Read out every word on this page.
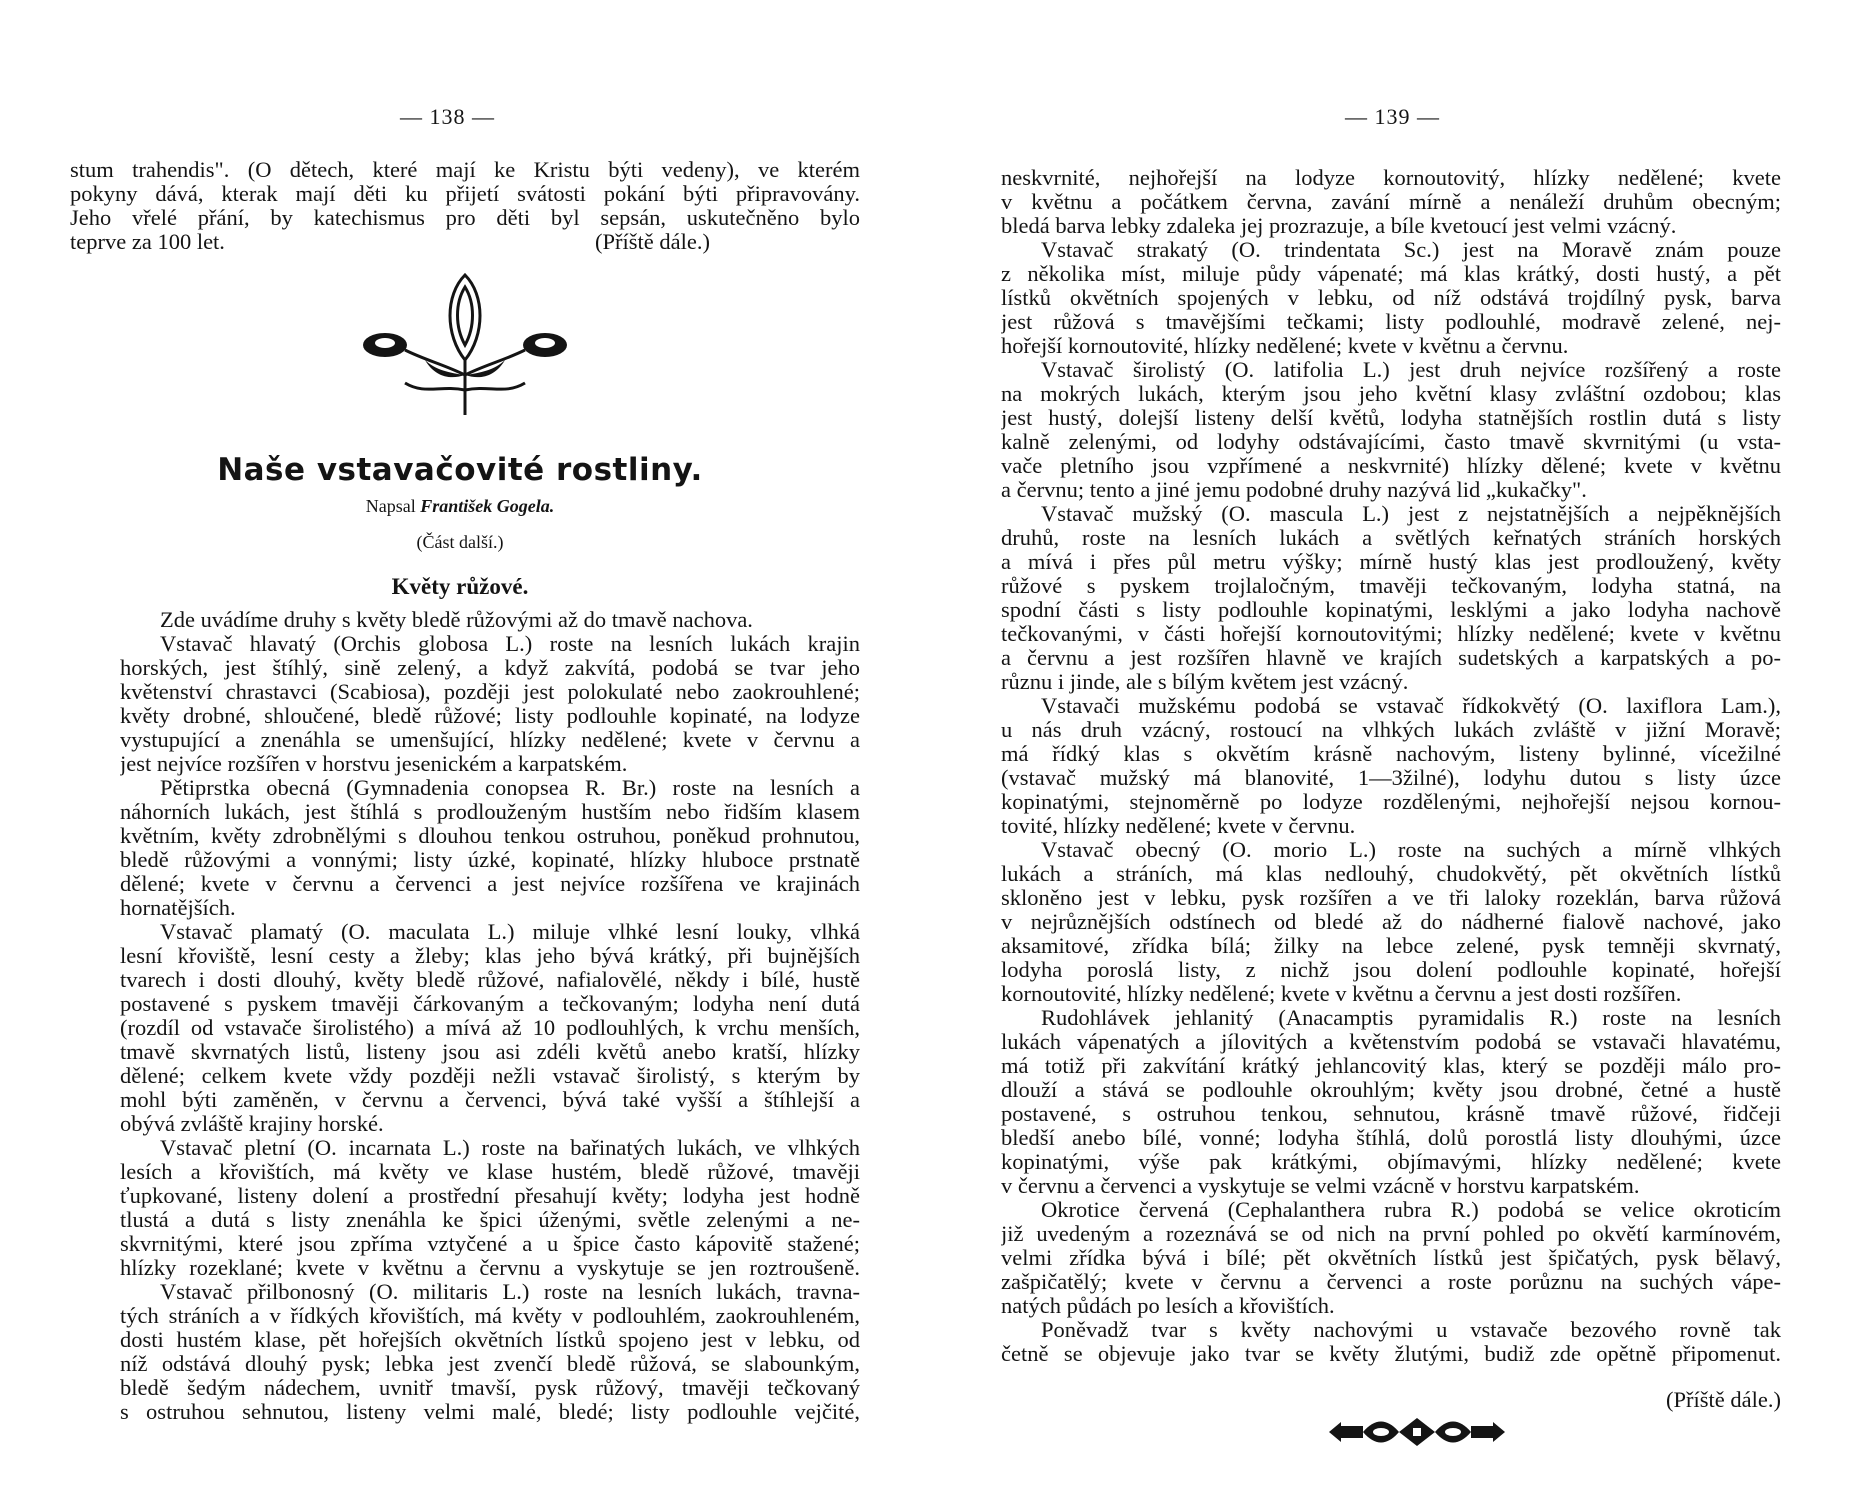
— 138 —
stum trahendis". (O dětech, které mají ke Kristu býti vedeny), ve kterém
pokyny dává, kterak mají děti ku přijetí svátosti pokání býti připravovány.
Jeho vřelé přání, by katechismus pro děti byl sepsán, uskutečněno bylo
teprve za 100 let.	(Příště dále.)
Naše vstavačovité rostliny.
Napsal František Gogela.
(Část další.)
Květy růžové.
Zde uvádíme druhy s květy bledě růžovými až do tmavě nachova.
Vstavač hlavatý (Orchis globosa L.) roste na lesních lukách krajin
horských, jest štíhlý, sině zelený, a když zakvítá, podobá se tvar jeho
květenství chrastavci (Scabiosa), později jest polokulaté nebo zaokrouhlené;
květy drobné, shloučené, bledě růžové; listy podlouhle kopinaté, na lodyze
vystupující a znenáhla se umenšující, hlízky nedělené; kvete v červnu a
jest nejvíce rozšířen v horstvu jesenickém a karpatském.
Pětiprstka obecná (Gymnadenia conopsea R. Br.) roste na lesních a
náhorních lukách, jest štíhlá s prodlouženým hustším nebo řidším klasem
květním, květy zdrobnělými s dlouhou tenkou ostruhou, poněkud prohnutou,
bledě růžovými a vonnými; listy úzké, kopinaté, hlízky hluboce prstnatě
dělené; kvete v červnu a červenci a jest nejvíce rozšířena ve krajinách
hornatějších.
Vstavač plamatý (O. maculata L.) miluje vlhké lesní louky, vlhká
lesní křoviště, lesní cesty a žleby; klas jeho bývá krátký, při bujnějších
tvarech i dosti dlouhý, květy bledě růžové, nafialovělé, někdy i bílé, hustě
postavené s pyskem tmavěji čárkovaným a tečkovaným; lodyha není dutá
(rozdíl od vstavače širolistého) a mívá až 10 podlouhlých, k vrchu menších,
tmavě skvrnatých listů, listeny jsou asi zdéli květů anebo kratší, hlízky
dělené; celkem kvete vždy později nežli vstavač širolistý, s kterým by
mohl býti zaměněn, v červnu a červenci, bývá také vyšší a štíhlejší a
obývá zvláště krajiny horské.
Vstavač pletní (O. incarnata L.) roste na bařinatých lukách, ve vlhkých
lesích a křovištích, má květy ve klase hustém, bledě růžové, tmavěji
ťupkované, listeny dolení a prostřední přesahují květy; lodyha jest hodně
tlustá a dutá s listy znenáhla ke špici úženými, světle zelenými a ne-
skvrnitými, které jsou zpříma vztyčené a u špice často kápovitě stažené;
hlízky rozeklané; kvete v květnu a červnu a vyskytuje se jen roztroušeně.
Vstavač přilbonosný (O. militaris L.) roste na lesních lukách, travna-
tých stráních a v řídkých křovištích, má květy v podlouhlém, zaokrouhleném,
dosti hustém klase, pět hořejších okvětních lístků spojeno jest v lebku, od
níž odstává dlouhý pysk; lebka jest zvenčí bledě růžová, se slabounkým,
bledě šedým nádechem, uvnitř tmavší, pysk růžový, tmavěji tečkovaný
s ostruhou sehnutou, listeny velmi malé, bledé; listy podlouhle vejčité,
— 139 —
neskvrnité, nejhořejší na lodyze kornoutovitý, hlízky nedělené; kvete
v květnu a počátkem června, zavání mírně a nenáleží druhům obecným;
bledá barva lebky zdaleka jej prozrazuje, a bíle kvetoucí jest velmi vzácný.
Vstavač strakatý (O. trindentata Sc.) jest na Moravě znám pouze
z několika míst, miluje půdy vápenaté; má klas krátký, dosti hustý, a pět
lístků okvětních spojených v lebku, od níž odstává trojdílný pysk, barva
jest růžová s tmavějšími tečkami; listy podlouhlé, modravě zelené, nej-
hořejší kornoutovité, hlízky nedělené; kvete v květnu a červnu.
Vstavač širolistý (O. latifolia L.) jest druh nejvíce rozšířený a roste
na mokrých lukách, kterým jsou jeho květní klasy zvláštní ozdobou; klas
jest hustý, dolejší listeny delší květů, lodyha statnějších rostlin dutá s listy
kalně zelenými, od lodyhy odstávajícími, často tmavě skvrnitými (u vsta-
vače pletního jsou vzpřímené a neskvrnité) hlízky dělené; kvete v květnu
a červnu; tento a jiné jemu podobné druhy nazývá lid „kukačky".
Vstavač mužský (O. mascula L.) jest z nejstatnějších a nejpěknějších
druhů, roste na lesních lukách a světlých keřnatých stráních horských
a mívá i přes půl metru výšky; mírně hustý klas jest prodloužený, květy
růžové s pyskem trojlaločným, tmavěji tečkovaným, lodyha statná, na
spodní části s listy podlouhle kopinatými, lesklými a jako lodyha nachově
tečkovanými, v části hořejší kornoutovitými; hlízky nedělené; kvete v květnu
a červnu a jest rozšířen hlavně ve krajích sudetských a karpatských a po-
různu i jinde, ale s bílým květem jest vzácný.
Vstavači mužskému podobá se vstavač řídkokvětý (O. laxiflora Lam.),
u nás druh vzácný, rostoucí na vlhkých lukách zvláště v jižní Moravě;
má řídký klas s okvětím krásně nachovým, listeny bylinné, vícežilné
(vstavač mužský má blanovité, 1—3žilné), lodyhu dutou s listy úzce
kopinatými, stejnoměrně po lodyze rozdělenými, nejhořejší nejsou kornou-
tovité, hlízky nedělené; kvete v červnu.
Vstavač obecný (O. morio L.) roste na suchých a mírně vlhkých
lukách a stráních, má klas nedlouhý, chudokvětý, pět okvětních lístků
skloněno jest v lebku, pysk rozšířen a ve tři laloky rozeklán, barva růžová
v nejrůznějších odstínech od bledé až do nádherné fialově nachové, jako
aksamitové, zřídka bílá; žilky na lebce zelené, pysk temněji skvrnatý,
lodyha poroslá listy, z nichž jsou dolení podlouhle kopinaté, hořejší
kornoutovité, hlízky nedělené; kvete v květnu a červnu a jest dosti rozšířen.
Rudohlávek jehlanitý (Anacamptis pyramidalis R.) roste na lesních
lukách vápenatých a jílovitých a květenstvím podobá se vstavači hlavatému,
má totiž při zakvítání krátký jehlancovitý klas, který se později málo pro-
dlouží a stává se podlouhle okrouhlým; květy jsou drobné, četné a hustě
postavené, s ostruhou tenkou, sehnutou, krásně tmavě růžové, řidčeji
bledší anebo bílé, vonné; lodyha štíhlá, dolů porostlá listy dlouhými, úzce
kopinatými, výše pak krátkými, objímavými, hlízky nedělené; kvete
v červnu a červenci a vyskytuje se velmi vzácně v horstvu karpatském.
Okrotice červená (Cephalanthera rubra R.) podobá se velice okroticím
již uvedeným a rozeznává se od nich na první pohled po okvětí karmínovém,
velmi zřídka bývá i bílé; pět okvětních lístků jest špičatých, pysk bělavý,
zašpičatělý; kvete v červnu a červenci a roste porůznu na suchých vápe-
natých půdách po lesích a křovištích.
Poněvadž tvar s květy nachovými u vstavače bezového rovně tak
četně se objevuje jako tvar se květy žlutými, budiž zde opětně připomenut.
(Příště dále.)
